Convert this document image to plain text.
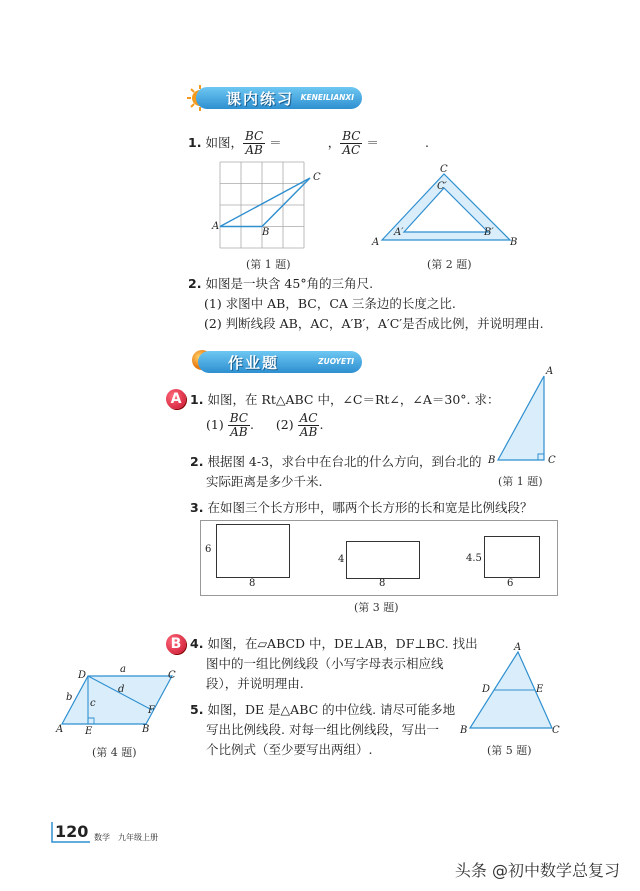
课内练习 KENEILIANXI
1. 如图， $\frac{BC}{AB}$ ＝	， $\frac{BC}{AC}$ ＝	.
A
B
C
(第 1 题)
A	B
C
A′	B′
C′
(第 2 题)
2. 如图是一块含 45°角的三角尺.
(1) 求图中 AB，BC，CA 三条边的长度之比.
(2) 判断线段 AB，AC，A′B′，A′C′是否成比例，并说明理由.
作业题	ZUOYETI
A 1. 如图，在 Rt△ABC 中，∠C＝Rt∠，∠A＝30°. 求：
$(1) \frac{BC}{AB}$ . $(2) \frac{AC}{AB}$ .
A
B	C
(第 1 题)
2. 根据图 4-3，求台中在台北的什么方向，到台北的
实际距离是多少千米.
3. 在如图三个长方形中，哪两个长方形的长和宽是比例线段？
6
8
4
8
4.5
6
(第 3 题)
B 4. 如图，在▱ABCD 中，DE⊥AB，DF⊥BC. 找出
图中的一组比例线段（小写字母表示相应线
段），并说明理由.
D	C
A E	B
F
a
b
c
d
(第 4 题)
5. 如图，DE 是△ABC 的中位线. 请尽可能多地
写出比例线段. 对每一组比例线段，写出一
个比例式（至少要写出两组）.
A
B	C
D	E
(第 5 题)
120 数学　九年级上册
头条 @初中数学总复习
